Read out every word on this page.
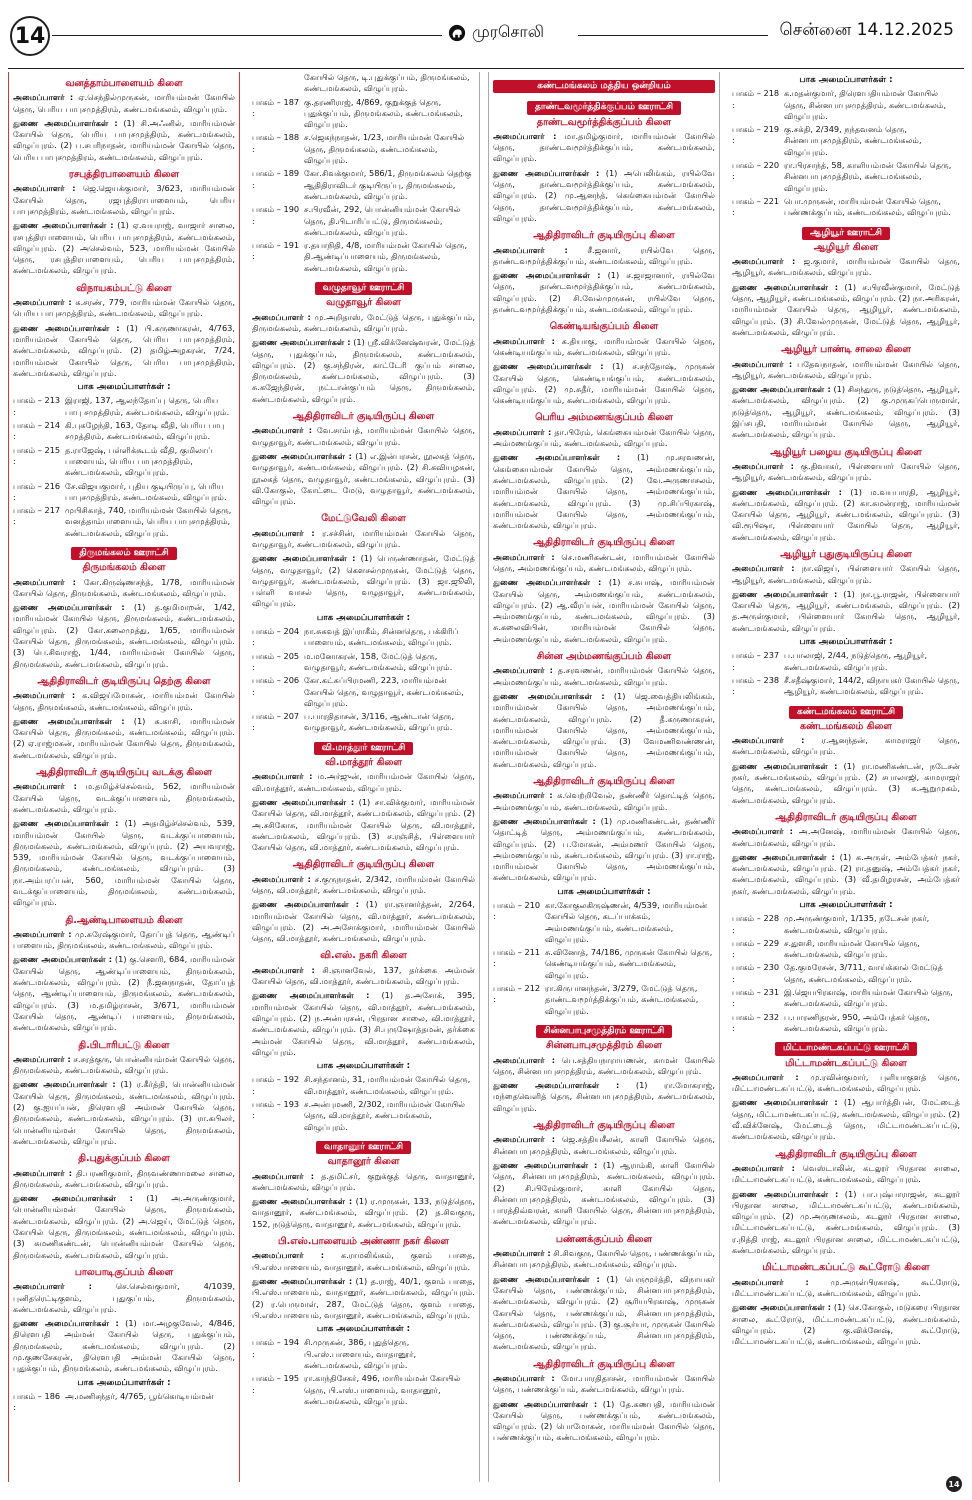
14	முரசொலி	சென்னை 14.12.2025
வனத்தாம்பாளையம் கிளை

அமைப்பாளர் : ஏ.செந்தில்முருகன், மாரியம்மன் கோயில் தெரு, பெரிய பாபுசமுத்திரம், கண்டமங்கலம், விழுப்புரம்.

துணை அமைப்பாளர்கள் : (1) சி.அஃனில், மாரியம்மன் கோயில் தெரு, பெரிய பாபுசமுத்திரம், கண்டமங்கலம், விழுப்புரம். (2) ப.சபரிநாதன், மாரியம்மன் கோயில் தெரு, பெரிய பாபுசமுத்திரம், கண்டமங்கலம், விழுப்புரம்.

ரசபுத்திரபாளையம் கிளை

அமைப்பாளர் : ஜெ.ஜெயக்குமார், 3/623, மாரியம்மன் கோயில் தெரு, ரஜபுத்திராபாளையம், பெரிய பாபுசமுத்திரம், கண்டமங்கலம், விழுப்புரம்.

துணை அமைப்பாளர்கள் : (1) ஏ.வயராஜ், வாஜார் சாலை, ரசபுத்திரபாளையம், பெரிய பாபுசமுத்திரம், கண்டமங்கலம், விழுப்புரம். (2) அசெல்வம், 523, மாரியம்மன் கோயில் தெரு, ரசபுத்திரபாளையம், பெரிய பாபுசமுத்திரம், கண்டமங்கலம், விழுப்புரம்.

விநாயகம்பட்டு கிளை

அமைப்பாளர் : க.சரண், 779, மாரியம்மன் கோயில் தெரு, பெரிய பாபுசமுத்திரம், கண்டமங்கலம், விழுப்புரம்.

துணை அமைப்பாளர்கள் : (1) பி.கருணாகரன், 4/763, மாரியம்மன் கோயில் தெரு, பெரிய பாபுசமுத்திரம், கண்டமங்கலம், விழுப்புரம். (2) தமிழ்அழகரன், 7/24, மாரியம்மன் கோயில் தெரு, பெரிய பாபுசமுத்திரம், கண்டமங்கலம், விழுப்புரம்.

பாக அமைப்பாளர்கள் :
பாகம் – 213 :
இராஜி, 137, ஆலந்தோப்பு தெரு, பெரிய பாபு சமுத்திரம், கண்டமங்கலம், விழுப்புரம்.
பாகம் – 214 :
கி.புகழேந்தி, 163, தோடி வீதி, பெரிய பாபு சமுத்திரம், கண்டமங்கலம், விழுப்புரம்.
பாகம் – 215 :
த.ராஜேஷ், பள்ளிக்கூடம் வீதி, குமிலாப் பாளையம், பெரிய பாபுசமுத்திரம், கண்டமங்கலம், விழுப்புரம்.
பாகம் – 216 :
சே.விஜயகுமார், புதிய குடியிருப்பு, பெரிய பாபுசமுத்திரம், கண்டமங்கலம், விழுப்புரம்.
பாகம் – 217 :
முபிசிகாத், 740, மாரியம்மன் கோயில் தெரு, வனத்தாம்பாளையம், பெரிய பாபுசமுத்திரம், கண்டமங்கலம், விழுப்புரம்.
திருமங்கலம் ஊராட்சி
திருமங்கலம் கிளை

அமைப்பாளர் : கோ.கிருஷ்ணசந்த், 1/78, மாரியம்மன் கோயில் தெரு, திருமங்கலம், கண்டமங்கலம், விழுப்புரம்.

துணை அமைப்பாளர்கள் : (1) த.குமிமாறன், 1/42, மாரியம்மன் கோயில் தெரு, திருமங்கலம், கண்டமங்கலம், விழுப்புரம். (2) கோ.கலைமுத்து, 1/65, மாரியம்மன் கோயில் தெரு, திருமங்கலம், கண்டமங்கலம், விழுப்புரம். (3) பெ.சிவராஜ், 1/44, மாரியம்மன் கோயில் தெரு, திருமங்கலம், கண்டமங்கலம், விழுப்புரம்.

ஆதிதிராவிடர் குடியிருப்பு தெற்கு கிளை

அமைப்பாளர் : க.விஜய்மோகன், மாரியம்மன் கோயில் தெரு, திருமங்கலம், கண்டமங்கலம், விழுப்புரம்.

துணை அமைப்பாளர்கள் : (1) க.காசி, மாரியம்மன் கோயில் தெரு, திருமங்கலம், கண்டமங்கலம், விழுப்புரம். (2) ஏ.ராஜ்மகன், மாரியம்மன் கோயில் தெரு, திருமங்கலம், கண்டமங்கலம், விழுப்புரம்.

ஆதிதிராவிடர் குடியிருப்பு வடக்கு கிளை

அமைப்பாளர் : ம.தமிழ்ச்செல்வம், 562, மாரியம்மன் கோயில் தெரு, வடக்குப்பாளையம், திருமங்கலம், கண்டமங்கலம், விழுப்புரம்.

துணை அமைப்பாளர்கள் : (1) அதமிழ்ச்செல்வம், 539, மாரியம்மன் கோயில் தெரு, வடக்குப்பாளையம், திருமங்கலம், கண்டமங்கலம், விழுப்புரம். (2) அயவராஜ், 539, மாரியம்மன் கோயில் தெரு, வடக்குப்பாளையம், திருமங்கலம், கண்டமங்கலம், விழுப்புரம். (3) நா.அம்பரப்பன், 560, மாரியம்மன் கோயில் தெரு, வடக்குப்பாளையம், திருமங்கலம், கண்டமங்கலம், விழுப்புரம்.

தி.ஆண்டிபாளையம் கிளை

அமைப்பாளர் : மு.சுரேஷ்குமார், தோப்புத் தெரு, ஆண்டிப் பாளையம், திருமங்கலம், கண்டமங்கலம், விழுப்புரம்.

துணை அமைப்பாளர்கள் : (1) கு.செளரி, 684, மாரியம்மன் கோயில் தெரு, ஆண்டிப்பாளையம், திருமங்கலம், கண்டமங்கலம், விழுப்புரம். (2) நீ.ஜனநாதன், தோப்புத் தெரு, ஆண்டிப்பாளையம், திருமங்கலம், கண்டமங்கலம், விழுப்புரம். (3) ம.தமிழ்ராசன், 3/671, மாரியம்மன் கோயில் தெரு, ஆண்டிப் பாளையம், திருமங்கலம், கண்டமங்கலம், விழுப்புரம்.

தி.பிடாரிபட்டு கிளை

அமைப்பாளர் : ச.சரத்குரு, பொன்னியம்மன் கோயில் தெரு, திருமங்கலம், கண்டமங்கலம், விழுப்புரம்.

துணை அமைப்பாளர்கள் : (1) ர.கீர்த்தி, பொன்னியம்மன் கோயில் தெரு, திருமங்கலம், கண்டமங்கலம், விழுப்புரம். (2) கு.ஐயப்பன், திரௌபதி அம்மன் கோயில் தெரு, திருமங்கலம், கண்டமங்கலம், விழுப்புரம். (3) ரா.கபிலர், பொன்னியம்மன் கோயில் தெரு, திருமங்கலம், கண்டமங்கலம், விழுப்புரம்.

தி.புதுக்குப்பம் கிளை

அமைப்பாளர் : தி.பரணிகுமார், திருவண்ணாமலை சாலை, திருமங்கலம், கண்டமங்கலம், விழுப்புரம்.

துணை அமைப்பாளர்கள் : (1) அ.அருண்குமார், பொன்னியம்மன் கோயில் தெரு, திருமங்கலம், கண்டமங்கலம், விழுப்புரம். (2) அ.ஜெய், மேட்டுத் தெரு, கோயில் தெரு, திருமங்கலம், கண்டமங்கலம், விழுப்புரம். (3) சுமணிகண்டன், பொன்னியம்மன் கோயில் தெரு, திருமங்கலம், கண்டமங்கலம், விழுப்புரம்.

பாலபாடிகுப்பம் கிளை

அமைப்பாளர் : செ.செல்வகுமார், 4/1039, புனிதரெட்டிகுளம், புதுகுப்பம், திருமங்கலம், கண்டமங்கலம், விழுப்புரம்.

துணை அமைப்பாளர்கள் : (1) மா.அழகுவேல், 4/846, திரௌபதி அம்மன் கோயில் தெரு, புதுக்குப்பம், திருமங்கலம், கண்டமங்கலம், விழுப்புரம். (2) மு.குணசேகரன், திரௌபதி அம்மன் கோயில் தெரு, புதுக்குப்பம், திருமங்கலம், கண்டமங்கலம், விழுப்புரம்.

பாக அமைப்பாளர்கள் :
பாகம் – 186 :
அ.மணிசந்தர், 4/765, பூங்கொடியம்மன்
கோயில் தெரு, டி.புதுக்குப்பம், திருமங்கலம், கண்டமங்கலம், விழுப்புரம்.
பாகம் – 187 :
கு.தரணிராஜ், 4/869, குறுக்குத் தெரு, புதுக்குப்பம், திருமங்கலம், கண்டமங்கலம், விழுப்புரம்.
பாகம் – 188 :
ச.ஜெகந்நாதன், 1/23, மாரியம்மன் கோயில் தெரு, திருமங்கலம், கண்டமங்கலம், விழுப்புரம்.
பாகம் – 189 :
கோ.சிவக்குமார், 586/1, திருமங்கலம் தெற்கு ஆதிதிராவிடர் குடியிருப்பு, திருமங்கலம், கண்டமங்கலம், விழுப்புரம்.
பாகம் – 190 :
ச.பிரவீன், 292, பொன்னியம்மன் கோயில் தெரு, தி.பிடாரிப்பட்டு, திருமங்கலம், கண்டமங்கலம், விழுப்புரம்.
பாகம் – 191 :
ர.தயாநிதி, 4/8, மாரியம்மன் கோயில் தெரு, தி.ஆண்டிப்பாளையம், திருமங்கலம், கண்டமங்கலம், விழுப்புரம்.
வழுதாவூர் ஊராட்சி
வழுதாவூர் கிளை

அமைப்பாளர் : மு.அறிதாஸ், மேட்டுத் தெரு, புதுக்குப்பம், திருமங்கலம், கண்டமங்கலம், விழுப்புரம்.

துணை அமைப்பாளர்கள் : (1) ஸ்ரீ.விக்னேஷ்வரன், மேட்டுத் தெரு, புதுக்குப்பம், திருமங்கலம், கண்டமங்கலம், விழுப்புரம். (2) கு.சந்திரன், காட்டேரி குப்பம் சாலை, திருமங்கலம், கண்டமங்கலம், விழுப்புரம். (3) சு.கஜேந்திரன், நட்டான்குப்பம் தெரு, திருமங்கலம், கண்டமங்கலம், விழுப்புரம்.

ஆதிதிராவிடர் குடியிருப்பு கிளை

அமைப்பாளர் : வே.சாம்பத், மாரியம்மன் கோயில் தெரு, வழுதாவூர், கண்டமங்கலம், விழுப்புரம்.

துணை அமைப்பாளர்கள் : (1) எ.இன்பரசன், நூலகத் தெரு, வழுதாவூர், கண்டமங்கலம், விழுப்புரம். (2) சி.கவியழகன், நூலகத் தெரு, வழுதாவூர், கண்டமங்கலம், விழுப்புரம். (3) வி.கோகுல், கோட்டை மேடு, வழுதாவூர், கண்டமங்கலம், விழுப்புரம்.

மேட்டுவேலி கிளை

அமைப்பாளர் : ர.சச்சின், மாரியம்மன் கோயில் தெரு, வழுதாவூர், கண்டமங்கலம், விழுப்புரம்.

துணை அமைப்பாளர்கள் : (1) பெருண்ணாதன், மேட்டுத் தெரு, வழுதாவூர், (2) கெளசல்முருகன், மேட்டுத் தெரு, வழுதாவூர், கண்டமங்கலம், விழுப்புரம். (3) ஜா.ஜூலி, பள்ளி வாசல் தெரு, வழுதாவூர், கண்டமங்கலம், விழுப்புரம்.

பாக அமைப்பாளர்கள் :
பாகம் – 204 :
நா.சுகவத் இப்ராகீம், சின்னதெரு, பக்கிரிப் பாளையம், கண்டமங்கலம், விழுப்புரம்.
பாகம் – 205 :
ம.மனோகரன், 158, மேட்டுத் தெரு, வழுதாவூர், கண்டமங்கலம், விழுப்புரம்.
பாகம் – 206 :
கோ.கட்சுப்பிரமணி, 223, மாரியம்மன் கோயில் தெரு, வழுதாவூர், கண்டமங்கலம், விழுப்புரம்.
பாகம் – 207 :
ப.பாரதிதாசன், 3/116, ஆண்டான் தெரு, வழுதாவூர், கண்டமங்கலம், விழுப்புரம்.
வி.மாத்தூர் ஊராட்சி
வி.மாத்தூர் கிளை

அமைப்பாளர் : ம.அர்ஜுன், மாரியம்மன் கோயில் தெரு, வி.மாத்தூர், கண்டமங்கலம், விழுப்புரம்.

துணை அமைப்பாளர்கள் : (1) சா.விக்குமார், மாரியம்மன் கோயில் தெரு, வி.மாத்தூர், கண்டமங்கலம், விழுப்புரம். (2) அ.சசிகோசு, மாரியம்மன் கோயில் தெரு, வி.மாத்தூர், கண்டமங்கலம், விழுப்புரம். (3) ச.ரஞ்சித், பிள்ளையார் கோயில் தெரு, வி.மாத்தூர், கண்டமங்கலம், விழுப்புரம்.

ஆதிதிராவிடர் குடியிருப்பு கிளை

அமைப்பாளர் : ச.குருநாதன், 2/342, மாரியம்மன் கோயில் தெரு, வி.மாத்தூர், கண்டமங்கலம், விழுப்புரம்.

துணை அமைப்பாளர்கள் : (1) ரா.ஞானர்த்தன், 2/264, மாரியம்மன் கோயில் தெரு, வி.மாத்தூர், கண்டமங்கலம், விழுப்புரம். (2) அ.அசோக்குமார், மாரியம்மன் கோயில் தெரு, வி.மாத்தூர், கண்டமங்கலம், விழுப்புரம்.

வி.எஸ். நகரி கிளை

அமைப்பாளர் : சி.ஞானவேல், 137, தர்க்கை அம்மன் கோயில் தெரு, வி.மாத்தூர், கண்டமங்கலம், விழுப்புரம்.

துணை அமைப்பாளர்கள் : (1) த.அசோக், 395, மாரியம்மன் கோயில் தெரு, வி.மாத்தூர், கண்டமங்கலம், விழுப்புரம். (2) ந.அன்பரசன், பிரதான சாலை, வி.மாத்தூர், கண்டமங்கலம், விழுப்புரம். (3) சி.புருஷோத்தமன், தர்க்கை அம்மன் கோயில் தெரு, வி.மாத்தூர், கண்டமங்கலம், விழுப்புரம்.

பாக அமைப்பாளர்கள் :
பாகம் – 192 :
சி.சந்தானம், 31, மாரியம்மன் கோயில் தெரு, வி.மாத்தூர், கண்டமங்கலம், விழுப்புரம்.
பாகம் – 193 :
ச.அன்புமணி, 2/302, மாரியம்மன் கோயில் தெரு, வி.மாத்தூர், கண்டமங்கலம், விழுப்புரம்.
வாதானூர் ஊராட்சி
வாதானூர் கிளை

அமைப்பாளர் : த.தமிட்சர், குறுக்குத் தெரு, வாதானூர், கண்டமங்கலம், விழுப்புரம்.

துணை அமைப்பாளர்கள் : (1) ர.முருகன், 133, நடுத்தெரு, வாதானூர், கண்டமங்கலம், விழுப்புரம். (2) த.சிவகுரு, 152, நடுத்தெரு, வாதானூர், கண்டமங்கலம், விழுப்புரம்.

பி.எஸ்.பாளையம் அண்ணா நகர் கிளை

அமைப்பாளர் : க.ராமலிங்கம், குளம் பாதை, பி.எஸ்.பாளையம், வாதானூர், கண்டமங்கலம், விழுப்புரம்.

துணை அமைப்பாளர்கள் : (1) த.ராஜ், 40/1, குளம் பாதை, பி.எஸ்.பாளையம், வாதானூர், கண்டமங்கலம், விழுப்புரம். (2) ர.பெருமாள், 287, மேட்டுத் தெரு, குளம் பாதை, பி.எஸ்.பாளையம், வாதானூர், கண்டமங்கலம், விழுப்புரம்.

பாக அமைப்பாளர்கள் :
பாகம் – 194 :
சி.முருகன், 386, புதுத்தெரு, பி.எஸ்.பாளையம், வாதானூர், கண்டமங்கலம், விழுப்புரம்.
பாகம் – 195 :
ரா.காந்திசேகர், 496, மாரியம்மன் கோயில் தெரு, பி.எஸ்.பாளையம், வாதானூர், கண்டமங்கலம், விழுப்புரம்.
கண்டமங்கலம் மத்திய ஒன்றியம்
தாண்டவமூர்த்திக்குப்பம் ஊராட்சி
தாண்டவமூர்த்திக்குப்பம் கிளை

அமைப்பாளர் : மா.தமிழ்குமார், மாரியம்மன் கோயில் தெரு, தாண்டவமூர்த்திக்குப்பம், கண்டமங்கலம், விழுப்புரம்.

துணை அமைப்பாளர்கள் : (1) அபெலிங்கம், ரயில்வே தெரு, தாண்டவமூர்த்திக்குப்பம், கண்டமங்கலம், விழுப்புரம். (2) மு.ஆனந்த், கெங்கையம்மன் கோயில் தெரு, தாண்டவமூர்த்திக்குப்பம், கண்டமங்கலம், விழுப்புரம்.

ஆதிதிராவிடர் குடியிருப்பு கிளை

அமைப்பாளர் : சீ.ஜனார், ரயில்வே தெரு, தாண்டவமூர்த்திக்குப்பம், கண்டமங்கலம், விழுப்புரம்.

துணை அமைப்பாளர்கள் : (1) ச.ஜாஜானார், ரயில்வே தெரு, தாண்டவமூர்த்திக்குப்பம், கண்டமங்கலம், விழுப்புரம். (2) சி.வேல்முருகன், ரயில்வே தெரு, தாண்டவமூர்த்திக்குப்பம், கண்டமங்கலம், விழுப்புரம்.

கெண்டியங்குப்பம் கிளை

அமைப்பாளர் : க.தியாகு, மாரியம்மன் கோயில் தெரு, கெண்டியங்குப்பம், கண்டமங்கலம், விழுப்புரம்.

துணை அமைப்பாளர்கள் : (1) ச.சந்தோஷ், முருகன் கோயில் தெரு, கெண்டியங்குப்பம், கண்டமங்கலம், விழுப்புரம். (2) மு.சுதீர், மாரியம்மன் கோயில் தெரு, கெண்டியங்குப்பம், கண்டமங்கலம், விழுப்புரம்.

பெரிய அம்மணங்குப்பம் கிளை

அமைப்பாளர் : தா.பிரேம், கெங்கையம்மன் கோயில் தெரு, அம்மணங்குப்பம், கண்டமங்கலம், விழுப்புரம்.

துணை அமைப்பாளர்கள் : (1) மு.சரவணன், கெங்கையம்மன் கோயில் தெரு, அம்மணங்குப்பம், கண்டமங்கலம், விழுப்புரம். (2) வே.அருணாசலம், மாரியம்மன் கோயில் தெரு, அம்மணங்குப்பம், கண்டமங்கலம், விழுப்புரம். (3) மு.சிப்பிரகாஷ், மாரியம்மன் கோயில் தெரு, அம்மணங்குப்பம், கண்டமங்கலம், விழுப்புரம்.

ஆதிதிராவிடர் குடியிருப்பு கிளை

அமைப்பாளர் : செ.மணிகண்டன், மாரியம்மன் கோயில் தெரு, அம்மணங்குப்பம், கண்டமங்கலம், விழுப்புரம்.

துணை அமைப்பாளர்கள் : (1) ச.சுபாஷ், மாரியம்மன் கோயில் தெரு, அம்மணங்குப்பம், கண்டமங்கலம், விழுப்புரம். (2) ஆ.வீரப்பன், மாரியம்மன் கோயில் தெரு, அம்மணங்குப்பம், கண்டமங்கலம், விழுப்புரம். (3) சு.கலைவிபின், மாரியம்மன் கோயில் தெரு, அம்மணங்குப்பம், கண்டமங்கலம், விழுப்புரம்.

சின்ன அம்மணங்குப்பம் கிளை

அமைப்பாளர் : த.சரவணன், மாரியம்மன் கோயில் தெரு, அம்மணங்குப்பம், கண்டமங்கலம், விழுப்புரம்.

துணை அமைப்பாளர்கள் : (1) ஜெ.வைத்தியலிங்கம், மாரியம்மன் கோயில் தெரு, அம்மணங்குப்பம், கண்டமங்கலம், விழுப்புரம். (2) தீ.கருணாகரன், மாரியம்மன் கோயில் தெரு, அம்மணங்குப்பம், கண்டமங்கலம், விழுப்புரம். (3) வேமணிவண்ணன், மாரியம்மன் கோயில் தெரு, அம்மணங்குப்பம், கண்டமங்கலம், விழுப்புரம்.

ஆதிதிராவிடர் குடியிருப்பு கிளை

அமைப்பாளர் : க.வெற்றிவேல், தண்ணீர் தொட்டித் தெரு, அம்மணங்குப்பம், கண்டமங்கலம், விழுப்புரம்.

துணை அமைப்பாளர்கள் : (1) மு.மணிகண்டன், தண்ணீர் தொட்டித் தெரு, அம்மணங்குப்பம், கண்டமங்கலம், விழுப்புரம். (2) ப.மோகன், அம்மணர் கோயில் தெரு, அம்மணங்குப்பம், கண்டமங்கலம், விழுப்புரம். (3) ரா.ராஜ், மாரியம்மன் கோயில் தெரு, அம்மணங்குப்பம், கண்டமங்கலம், விழுப்புரம்.

பாக அமைப்பாளர்கள் :
பாகம் – 210 :
கா.கோகுலகிருஷ்ணன், 4/539, மாரியம்மன் கோயில் தெரு, கடப்பாக்கம், அம்மணங்குப்பம், கண்டமங்கலம், விழுப்புரம்.
பாகம் – 211 :
சு.வினோத், 74/186, முருகன் கோயில் தெரு, கெண்டியங்குப்பம், கண்டமங்கலம், விழுப்புரம்.
பாகம் – 212 :
ரா.கிருபானந்தன், 3/279, மேட்டுத் தெரு, தாண்டவமூர்த்திக்குப்பம், கண்டமங்கலம், விழுப்புரம்.
சின்னபாபுசமுத்திரம் ஊராட்சி
சின்னபாபுசமுத்திரம் கிளை

அமைப்பாளர் : பெ.சத்தியநாராயணன், காமன் கோயில் தெரு, சின்னபாபுசமுத்திரம், கண்டமங்கலம், விழுப்புரம்.

துணை அமைப்பாளர்கள் : (1) ரா.மோகராஜ், மந்தைவெளித் தெரு, சின்னபாபுசமுத்திரம், கண்டமங்கலம், விழுப்புரம்.

ஆதிதிராவிடர் குடியிருப்பு கிளை

அமைப்பாளர் : ஜெ.சத்தியசீலன், காளி கோயில் தெரு, சின்னபாபுசமுத்திரம், கண்டமங்கலம், விழுப்புரம்.

துணை அமைப்பாளர்கள் : (1) ஆராம்கி, காளி கோயில் தெரு, சின்னபாபுசமுத்திரம், கண்டமங்கலம், விழுப்புரம். (2) சி.பிரேம்குமார், காளி கோயில் தெரு, சின்னபாபுசமுத்திரம், கண்டமங்கலம், விழுப்புரம். (3) பாரத்திவ்வரன், காளி கோயில் தெரு, சின்னபாபுசமுத்திரம், கண்டமங்கலம், விழுப்புரம்.

பண்ணக்குப்பம் கிளை

அமைப்பாளர் : சி.சிவகுரு, கோயில் தெரு, பண்ணக்குப்பம், சின்னபாபுசமுத்திரம், கண்டமங்கலம், விழுப்புரம்.

துணை அமைப்பாளர்கள் : (1) பெருமூர்த்தி, விநாயகர் கோயில் தெரு, பண்ணக்குப்பம், சின்னபாபுசமுத்திரம், கண்டமங்கலம், விழுப்புரம். (2) சூரியபிரகாஷ், முருகன் கோயில் தெரு, பண்ணக்குப்பம், சின்னபாபுசமுத்திரம், கண்டமங்கலம், விழுப்புரம். (3) கு.சூர்யா, முருகன் கோயில் தெரு, பண்ணக்குப்பம், சின்னபாபுசமுத்திரம், கண்டமங்கலம், விழுப்புரம்.

ஆதிதிராவிடர் குடியிருப்பு கிளை

அமைப்பாளர் : மோ.பாரதிதாசன், மாரியம்மன் கோயில் தெரு, பண்ணக்குப்பம், கண்டமங்கலம், விழுப்புரம்.

துணை அமைப்பாளர்கள் : (1) தே.கணபதி, மாரியம்மன் கோயில் தெரு, பண்ணக்குப்பம், கண்டமங்கலம், விழுப்புரம். (2) பொமோகன், மாரியம்மன் கோயில் தெரு, பண்ணக்குப்பம், கண்டமங்கலம், விழுப்புரம்.

பாக அமைப்பாளர்கள் :
பாகம் – 218 :
க.மதன்குமார், திரௌபதியம்மன் கோயில் தெரு, சின்னபாபுசமுத்திரம், கண்டமங்கலம், விழுப்புரம்.
பாகம் – 219 :
கு.சக்தி, 2/349, நந்தவனம் தெரு, சின்னபாபுசமுத்திரம், கண்டமங்கலம், விழுப்புரம்.
பாகம் – 220 :
ரா.பிரசாந்த், 58, காளியம்மன் கோயில் தெரு, சின்னபாபுசமுத்திரம், கண்டமங்கலம், விழுப்புரம்.
பாகம் – 221 :
பொ.முருகன், மாரியம்மன் கோயில் தெரு, பண்ணக்குப்பம், கண்டமங்கலம், விழுப்புரம்.
ஆழியூர் ஊராட்சி
ஆழியூர் கிளை

அமைப்பாளர் : ஜ.குமார், மாரியம்மன் கோயில் தெரு, ஆழியூர், கண்டமங்கலம், விழுப்புரம்.

துணை அமைப்பாளர்கள் : (1) ச.பிரவீன்குமார், மேட்டுத் தெரு, ஆழியூர், கண்டமங்கலம், விழுப்புரம். (2) நா.அரிகரன், மாரியம்மன் கோயில் தெரு, ஆழியூர், கண்டமங்கலம், விழுப்புரம். (3) சி.வேல்முருகன், மேட்டுத் தெரு, ஆழியூர், கண்டமங்கலம், விழுப்புரம்.

ஆழியூர் பாண்டி சாலை கிளை

அமைப்பாளர் : பதேவநாதன், மாரியம்மன் கோயில் தெரு, ஆழியூர், கண்டமங்கலம், விழுப்புரம்.

துணை அமைப்பாளர்கள் : (1) சிசந்துரு, நடுத்தெரு, ஆழியூர், கண்டமங்கலம், விழுப்புரம். (2) கு.முருகப்பெருமாள், நடுத்தெரு, ஆழியூர், கண்டமங்கலம், விழுப்புரம். (3) இப்சபதி, மாரியம்மன் கோயில் தெரு, ஆழியூர், கண்டமங்கலம், விழுப்புரம்.

ஆழியூர் பழைய குடியிருப்பு கிளை

அமைப்பாளர் : கு.திவாகர், பிள்ளையார் கோயில் தெரு, ஆழியூர், கண்டமங்கலம், விழுப்புரம்.

துணை அமைப்பாளர்கள் : (1) ம.வயபாரதி, ஆழியூர், கண்டமங்கலம், விழுப்புரம். (2) கா.சுமன்ராஜ், மாரியம்மன் கோயில் தெரு, ஆழியூர், கண்டமங்கலம், விழுப்புரம். (3) வி.ரூபிஷா, பிள்ளையார் கோயில் தெரு, ஆழியூர், கண்டமங்கலம், விழுப்புரம்.

ஆழியூர் புதுகுடியிருப்பு கிளை

அமைப்பாளர் : நா.விஜய், பிள்ளையார் கோயில் தெரு, ஆழியூர், கண்டமங்கலம், விழுப்புரம்.

துணை அமைப்பாளர்கள் : (1) நா.பூ.ராஜன், பிள்ளையார் கோயில் தெரு, ஆழியூர், கண்டமங்கலம், விழுப்புரம். (2) த.அருள்குமார், பிள்ளையார் கோயில் தெரு, ஆழியூர், கண்டமங்கலம், விழுப்புரம்.

பாக அமைப்பாளர்கள் :
பாகம் – 237 :
ப.பாலாஜி, 2/44, நடுத்தெரு, ஆழியூர், கண்டமங்கலம், விழுப்புரம்.
பாகம் – 238 :
சீ.சதீஷ்குமார், 144/2, விநாயகர் கோயில் தெரு, ஆழியூர், கண்டமங்கலம், விழுப்புரம்.
கண்டமங்கலம் ஊராட்சி
கண்டமங்கலம் கிளை

அமைப்பாளர் : ர.ஆனந்தன், காமராஜர் தெரு, கண்டமங்கலம், விழுப்புரம்.

துணை அமைப்பாளர்கள் : (1) ரா.மணிகண்டன், நடேசன் நகர், கண்டமங்கலம், விழுப்புரம். (2) சபாலாஜி, காமராஜர் தெரு, கண்டமங்கலம், விழுப்புரம். (3) சு.ஆறுமுகம், கண்டமங்கலம், விழுப்புரம்.

ஆதிதிராவிடர் குடியிருப்பு கிளை

அமைப்பாளர் : அ.அனேஷ், மாரியம்மன் கோயில் தெரு, கண்டமங்கலம், விழுப்புரம்.

துணை அமைப்பாளர்கள் : (1) க.அருள், அம்பேத்கர் நகர், கண்டமங்கலம், விழுப்புரம். (2) ரா.தனுஷ், அம்பேத்கர் நகர், கண்டமங்கலம், விழுப்புரம். (3) வீ.தமிழரசன், அம்பேத்கர் நகர், கண்டமங்கலம், விழுப்புரம்.

பாக அமைப்பாளர்கள் :
பாகம் – 228 :
மு.அருண்குமார், 1/135, நடேசன் நகர், கண்டமங்கலம், விழுப்புரம்.
பாகம் – 229 :
ச.துளசி, மாரியம்மன் கோயில் தெரு, கண்டமங்கலம், விழுப்புரம்.
பாகம் – 230 :
தே.குமரேசன், 3/711, வாய்க்கால் மேட்டுத் தெரு, கண்டமங்கலம், விழுப்புரம்.
பாகம் – 231 :
இ.ஜெயபிரகாஷ், மாரியம்மன் கோயில் தெரு, கண்டமங்கலம், விழுப்புரம்.
பாகம் – 232 :
ப.பாரணிதரன், 950, அம்பேத்கர் தெரு, கண்டமங்கலம், விழுப்புரம்.
மிட்டாமண்டகப்பட்டு ஊராட்சி
மிட்டாமண்டகப்பட்டு கிளை

அமைப்பாளர் : மு.ரவின்குமார், புளியாகுளத் தெரு, மிட்டாமண்டகப்பட்டு, கண்டமங்கலம், விழுப்புரம்.

துணை அமைப்பாளர்கள் : (1) ஆபார்த்திபன், மேட்டைத் தெரு, மிட்டாமண்டகப்பட்டு, கண்டமங்கலம், விழுப்புரம். (2) வீ.விக்னேஷ், மேட்டைத் தெரு, மிட்டாமண்டகப்பட்டு, கண்டமங்கலம், விழுப்புரம்.

ஆதிதிராவிடர் குடியிருப்பு கிளை

அமைப்பாளர் : வெஸ்டாலின், கடலூர் பிரதான சாலை, மிட்டாமண்டகப்பட்டு, கண்டமங்கலம், விழுப்புரம்.

துணை அமைப்பாளர்கள் : (1) பா.புஷ்பாராஜன், கடலூர் பிரதான சாலை, மிட்டாமண்டகப்பட்டு, கண்டமங்கலம், விழுப்புரம். (2) மு.அருணசலம், கடலூர் பிரதான சாலை, மிட்டாமண்டகப்பட்டு, கண்டமங்கலம், விழுப்புரம். (3) ர.நித்தி ராஜ், கடலூர் பிரதான சாலை, மிட்டாமண்டகப்பட்டு, கண்டமங்கலம், விழுப்புரம்.

மிட்டாமண்டகப்பட்டு கூட்ரோடு கிளை

அமைப்பாளர் : மு.அருள்பிரகாஷ், கூட்ரோடு, மிட்டாமண்டகப்பட்டு, கண்டமங்கலம், விழுப்புரம்.

துணை அமைப்பாளர்கள் : (1) செ.கோகுல், மடுகரை பிரதான சாலை, கூட்ரோடு, மிட்டாமண்டகப்பட்டு, கண்டமங்கலம், விழுப்புரம். (2) கு.விக்னேஷ், கூட்ரோடு, மிட்டாமண்டகப்பட்டு, கண்டமங்கலம், விழுப்புரம்.

14
